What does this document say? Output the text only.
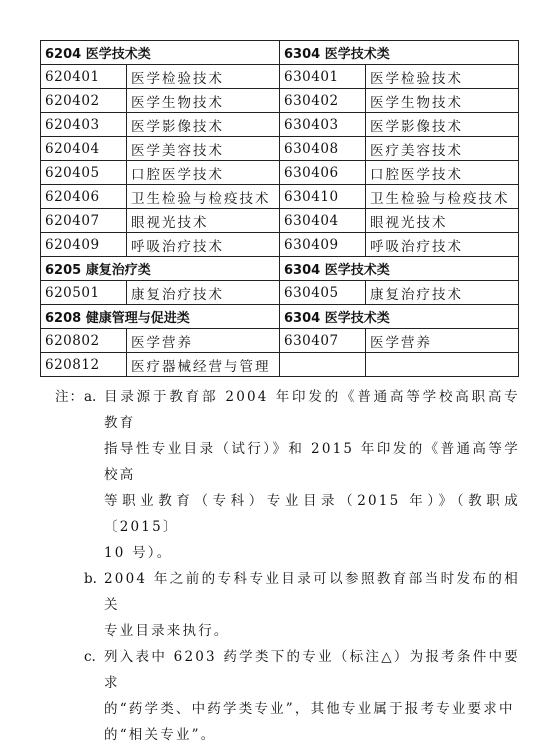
6204 医学技术类		6304 医学技术类	
620401	医学检验技术	630401	医学检验技术
620402	医学生物技术	630402	医学生物技术
620403	医学影像技术	630403	医学影像技术
620404	医学美容技术	630408	医疗美容技术
620405	口腔医学技术	630406	口腔医学技术
620406	卫生检验与检疫技术	630410	卫生检验与检疫技术
620407	眼视光技术	630404	眼视光技术
620409	呼吸治疗技术	630409	呼吸治疗技术
6205 康复治疗类		6304 医学技术类	
620501	康复治疗技术	630405	康复治疗技术
6208 健康管理与促进类		6304 医学技术类	
620802	医学营养	630407	医学营养
620812	医疗器械经营与管理		
注： a. 目录源于教育部 2004 年印发的《普通高等学校高职高专教育
指导性专业目录（试行）》和 2015 年印发的《普通高等学校高
等职业教育（专科）专业目录（2015 年）》（教职成〔2015〕
10 号）。
b. 2004 年之前的专科专业目录可以参照教育部当时发布的相关
专业目录来执行。
c. 列入表中 6203 药学类下的专业（标注△）为报考条件中要求
的“药学类、中药学类专业”，其他专业属于报考专业要求中
的“相关专业”。
